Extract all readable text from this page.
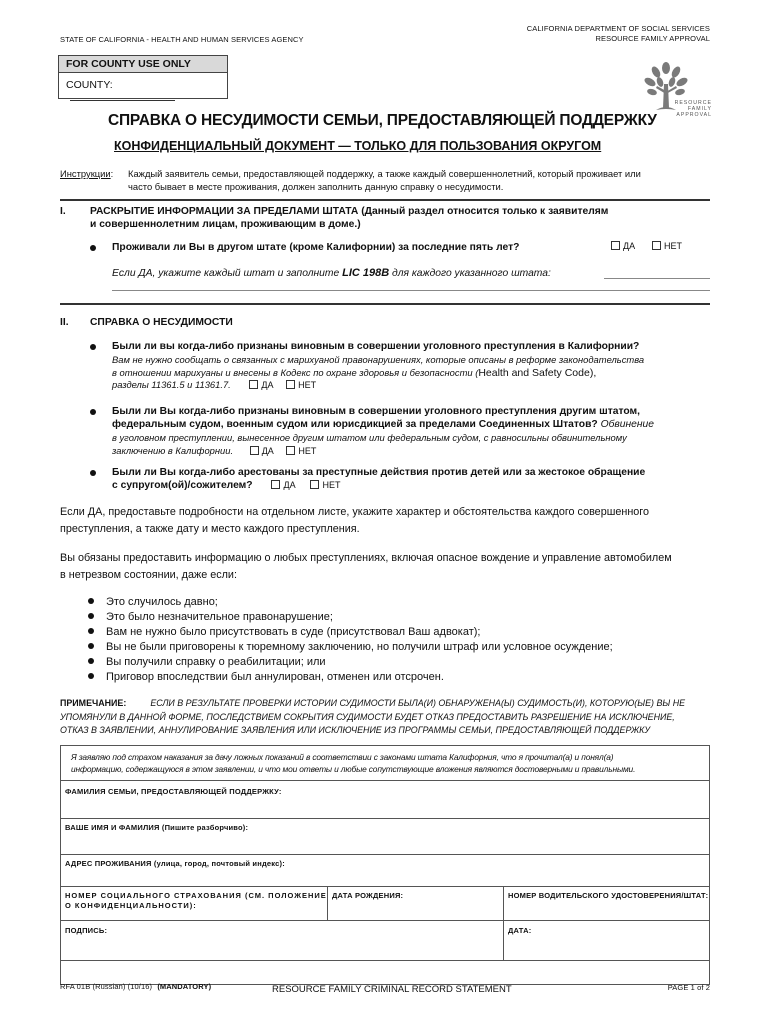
STATE OF CALIFORNIA - HEALTH AND HUMAN SERVICES AGENCY
CALIFORNIA DEPARTMENT OF SOCIAL SERVICES
RESOURCE FAMILY APPROVAL
FOR COUNTY USE ONLY
COUNTY:
RESOURCE
FAMILY
APPROVAL
СПРАВКА О НЕСУДИМОСТИ СЕМЬИ, ПРЕДОСТАВЛЯЮЩЕЙ ПОДДЕРЖКУ
КОНФИДЕНЦИАЛЬНЫЙ ДОКУМЕНТ — ТОЛЬКО ДЛЯ ПОЛЬЗОВАНИЯ ОКРУГОМ
Инструкции: Каждый заявитель семьи, предоставляющей поддержку, а также каждый совершеннолетний, который проживает или
часто бывает в месте проживания, должен заполнить данную справку о несудимости.
I. РАСКРЫТИЕ ИНФОРМАЦИИ ЗА ПРЕДЕЛАМИ ШТАТА (Данный раздел относится только к заявителям
и совершеннолетним лицам, проживающим в доме.)
Проживали ли Вы в другом штате (кроме Калифорнии) за последние пять лет?	ДА	НЕТ
Если ДА, укажите каждый штат и заполните LIC 198B для каждого указанного штата:
II. СПРАВКА О НЕСУДИМОСТИ
Были ли вы когда-либо признаны виновным в совершении уголовного преступления в Калифорнии?
Вам не нужно сообщать о связанных с марихуаной правонарушениях, которые описаны в реформе законодательства
в отношении марихуаны и внесены в Кодекс по охране здоровья и безопасности (Health and Safety Code),
разделы 11361.5 и 11361.7.	ДА	НЕТ
Были ли Вы когда-либо признаны виновным в совершении уголовного преступления другим штатом,
федеральным судом, военным судом или юрисдикцией за пределами Соединенных Штатов? Обвинение
в уголовном преступлении, вынесенное другим штатом или федеральным судом, с равносильны обвинительному
заключению в Калифорнии.	ДА	НЕТ
Были ли Вы когда-либо арестованы за преступные действия против детей или за жестокое обращение
с супругом(ой)/сожителем?	ДА	НЕТ
Если ДА, предоставьте подробности на отдельном листе, укажите характер и обстоятельства каждого совершенного
преступления, а также дату и место каждого преступления.
Вы обязаны предоставить информацию о любых преступлениях, включая опасное вождение и управление автомобилем
в нетрезвом состоянии, даже если:
Это случилось давно;
Это было незначительное правонарушение;
Вам не нужно было присутствовать в суде (присутствовал Ваш адвокат);
Вы не были приговорены к тюремному заключению, но получили штраф или условное осуждение;
Вы получили справку о реабилитации; или
Приговор впоследствии был аннулирован, отменен или отсрочен.
ПРИМЕЧАНИЕ:	ЕСЛИ В РЕЗУЛЬТАТЕ ПРОВЕРКИ ИСТОРИИ СУДИМОСТИ БЫЛА(И) ОБНАРУЖЕНА(Ы) СУДИМОСТЬ(И), КОТОРУЮ(ЫЕ) ВЫ НЕ
УПОМЯНУЛИ В ДАННОЙ ФОРМЕ, ПОСЛЕДСТВИЕМ СОКРЫТИЯ СУДИМОСТИ БУДЕТ ОТКАЗ ПРЕДОСТАВИТЬ РАЗРЕШЕНИЕ НА ИСКЛЮЧЕНИЕ,
ОТКАЗ В ЗАЯВЛЕНИИ, АННУЛИРОВАНИЕ ЗАЯВЛЕНИЯ ИЛИ ИСКЛЮЧЕНИЕ ИЗ ПРОГРАММЫ СЕМЬИ, ПРЕДОСТАВЛЯЮЩЕЙ ПОДДЕРЖКУ
Я заявляю под страхом наказания за дачу ложных показаний в соответствии с законами штата Калифорния, что я прочитал(а) и понял(а)
информацию, содержащуюся в этом заявлении, и что мои ответы и любые сопутствующие вложения являются достоверными и правильными.
ФАМИЛИЯ СЕМЬИ, ПРЕДОСТАВЛЯЮЩЕЙ ПОДДЕРЖКУ:
ВАШЕ ИМЯ И ФАМИЛИЯ (Пишите разборчиво):
АДРЕС ПРОЖИВАНИЯ (улица, город, почтовый индекс):
НОМЕР СОЦИАЛЬНОГО СТРАХОВАНИЯ (СМ. ПОЛОЖЕНИЕ
О КОНФИДЕНЦИАЛЬНОСТИ):
ДАТА РОЖДЕНИЯ:	НОМЕР ВОДИТЕЛЬСКОГО УДОСТОВЕРЕНИЯ/ШТАТ:
ПОДПИСЬ:	ДАТА:
RFA 01B (Russian) (10/16) (MANDATORY)	RESOURCE FAMILY CRIMINAL RECORD STATEMENT	PAGE 1 of 2
